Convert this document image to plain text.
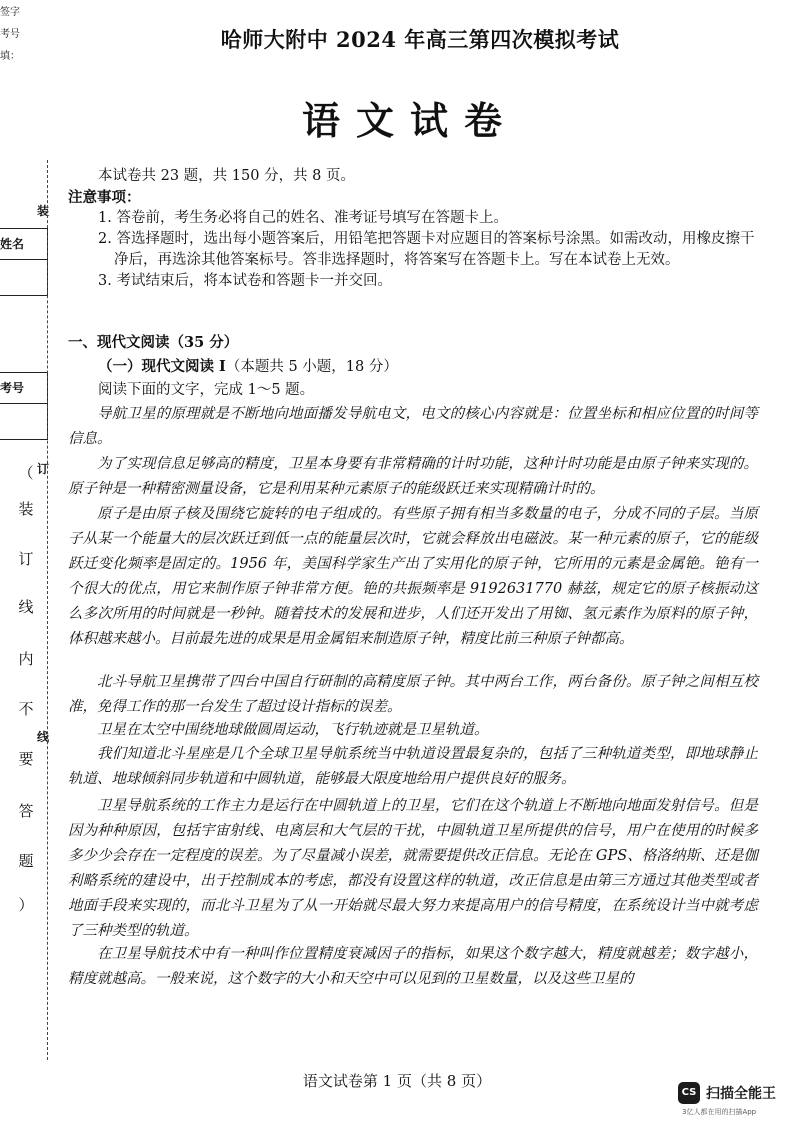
签字
考号
填：
姓名
考号
装
订
线
（
装
订
线
内
不
要
答
题
）
哈师大附中 2024 年高三第四次模拟考试
语文试卷
本试卷共 23 题，共 150 分，共 8 页。
注意事项：
1. 答卷前，考生务必将自己的姓名、准考证号填写在答题卡上。
2. 答选择题时，选出每小题答案后，用铅笔把答题卡对应题目的答案标号涂黑。如需改动，用橡皮擦干净后，再选涂其他答案标号。答非选择题时，将答案写在答题卡上。写在本试卷上无效。
3. 考试结束后，将本试卷和答题卡一并交回。
一、现代文阅读（35 分）
（一）现代文阅读 Ⅰ（本题共 5 小题，18 分）
阅读下面的文字，完成 1～5 题。
导航卫星的原理就是不断地向地面播发导航电文，电文的核心内容就是：位置坐标和相应位置的时间等信息。
为了实现信息足够高的精度，卫星本身要有非常精确的计时功能，这种计时功能是由原子钟来实现的。原子钟是一种精密测量设备，它是利用某种元素原子的能级跃迁来实现精确计时的。
原子是由原子核及围绕它旋转的电子组成的。有些原子拥有相当多数量的电子，分成不同的子层。当原子从某一个能量大的层次跃迁到低一点的能量层次时，它就会释放出电磁波。某一种元素的原子，它的能级跃迁变化频率是固定的。1956 年，美国科学家生产出了实用化的原子钟，它所用的元素是金属铯。铯有一个很大的优点，用它来制作原子钟非常方便。铯的共振频率是 9192631770 赫兹，规定它的原子核振动这么多次所用的时间就是一秒钟。随着技术的发展和进步，人们还开发出了用铷、氢元素作为原料的原子钟，体积越来越小。目前最先进的成果是用金属铝来制造原子钟，精度比前三种原子钟都高。
北斗导航卫星携带了四台中国自行研制的高精度原子钟。其中两台工作，两台备份。原子钟之间相互校准，免得工作的那一台发生了超过设计指标的误差。
卫星在太空中围绕地球做圆周运动，飞行轨迹就是卫星轨道。
我们知道北斗星座是几个全球卫星导航系统当中轨道设置最复杂的，包括了三种轨道类型，即地球静止轨道、地球倾斜同步轨道和中圆轨道，能够最大限度地给用户提供良好的服务。
卫星导航系统的工作主力是运行在中圆轨道上的卫星，它们在这个轨道上不断地向地面发射信号。但是因为种种原因，包括宇宙射线、电离层和大气层的干扰，中圆轨道卫星所提供的信号，用户在使用的时候多多少少会存在一定程度的误差。为了尽量减小误差，就需要提供改正信息。无论在 GPS、格洛纳斯、还是伽利略系统的建设中，出于控制成本的考虑，都没有设置这样的轨道，改正信息是由第三方通过其他类型或者地面手段来实现的，而北斗卫星为了从一开始就尽最大努力来提高用户的信号精度，在系统设计当中就考虑了三种类型的轨道。
在卫星导航技术中有一种叫作位置精度衰减因子的指标，如果这个数字越大，精度就越差；数字越小，精度就越高。一般来说，这个数字的大小和天空中可以见到的卫星数量，以及这些卫星的
语文试卷第 1 页（共 8 页）
CS 扫描全能王
3亿人都在用的扫描App
